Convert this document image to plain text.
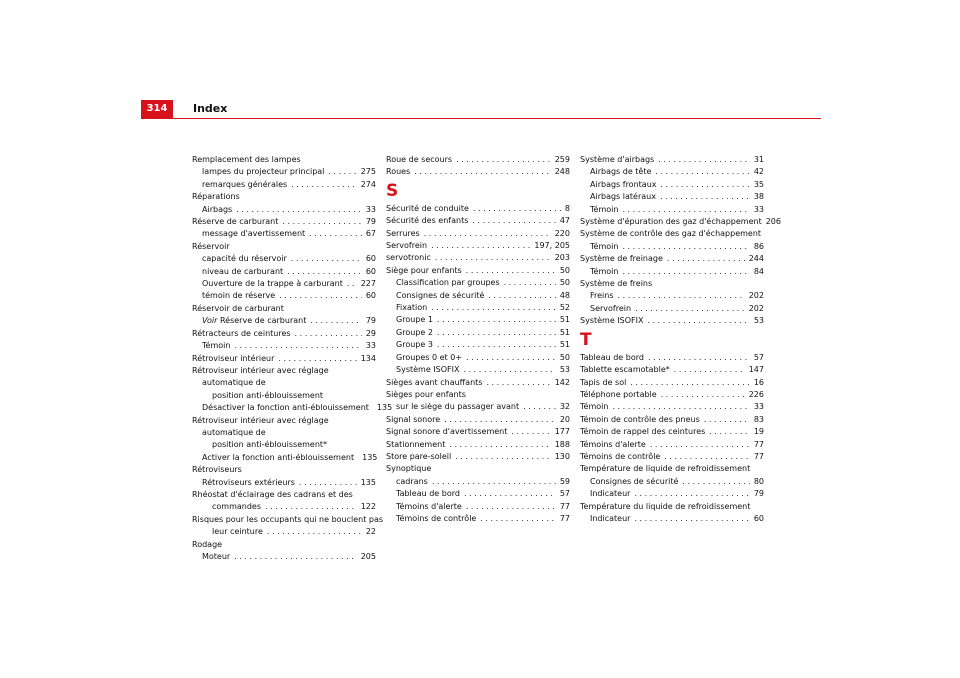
314	Index
Remplacement des lampes
lampes du projecteur principal . . .	275
remarques générales . . .	274
Réparations
Airbags . . .	33
Réserve de carburant . . .	79
message d'avertissement . . .	67
Réservoir
capacité du réservoir . . .	60
niveau de carburant . . .	60
Ouverture de la trappe à carburant . . . 227
témoin de réserve . . .	60
Réservoir de carburant
Voir Réserve de carburant . . .	79
Rétracteurs de ceintures . . .	29
Témoin . . .	33
Rétroviseur intérieur . . .	134
Rétroviseur intérieur avec réglage automatique de
position anti-éblouissement
Désactiver la fonction anti-éblouissement 135
Rétroviseur intérieur avec réglage automatique de
position anti-éblouissement*
Activer la fonction anti-éblouissement 135
Rétroviseurs
Rétroviseurs extérieurs . . .	135
Rhéostat d'éclairage des cadrans et des
commandes . . .	122
Risques pour les occupants qui ne bouclent pas
leur ceinture . . .	22
Rodage
Moteur . . .	205
Roue de secours . . .	259
Roues . . .	248
S
Sécurité de conduite . . .	8
Sécurité des enfants . . .	47
Serrures . . .	220
Servofrein . . .	197, 205
servotronic . . .	203
Siège pour enfants . . .	50
Classification par groupes . . .	50
Consignes de sécurité . . .	48
Fixation . . .	52
Groupe 1 . . .	51
Groupe 2 . . .	51
Groupe 3 . . .	51
Groupes 0 et 0+ . . .	50
Système ISOFIX . . .	53
Sièges avant chauffants . . .	142
Sièges pour enfants
sur le siège du passager avant . . .	32
Signal sonore . . .	20
Signal sonore d'avertissement . . .	177
Stationnement . . .	188
Store pare-soleil . . .	130
Synoptique
cadrans . . .	59
Tableau de bord . . .	57
Témoins d'alerte . . .	77
Témoins de contrôle . . .	77
Système d'airbags . . .	31
Airbags de tête . . .	42
Airbags frontaux . . .	35
Airbags latéraux . . .	38
Témoin . . .	33
Système d'épuration des gaz d'échappement 206
Système de contrôle des gaz d'échappement
Témoin . . .	86
Système de freinage . . .	244
Témoin . . .	84
Système de freins
Freins . . .	202
Servofrein . . .	202
Système ISOFIX . . .	53
T
Tableau de bord . . .	57
Tablette escamotable* . . .	147
Tapis de sol . . .	16
Téléphone portable . . .	226
Témoin . . .	33
Témoin de contrôle des pneus . . .	83
Témoin de rappel des ceintures . . .	19
Témoins d'alerte . . .	77
Témoins de contrôle . . .	77
Température de liquide de refroidissement
Consignes de sécurité . . .	80
Indicateur . . .	79
Température du liquide de refroidissement
Indicateur . . .	60
